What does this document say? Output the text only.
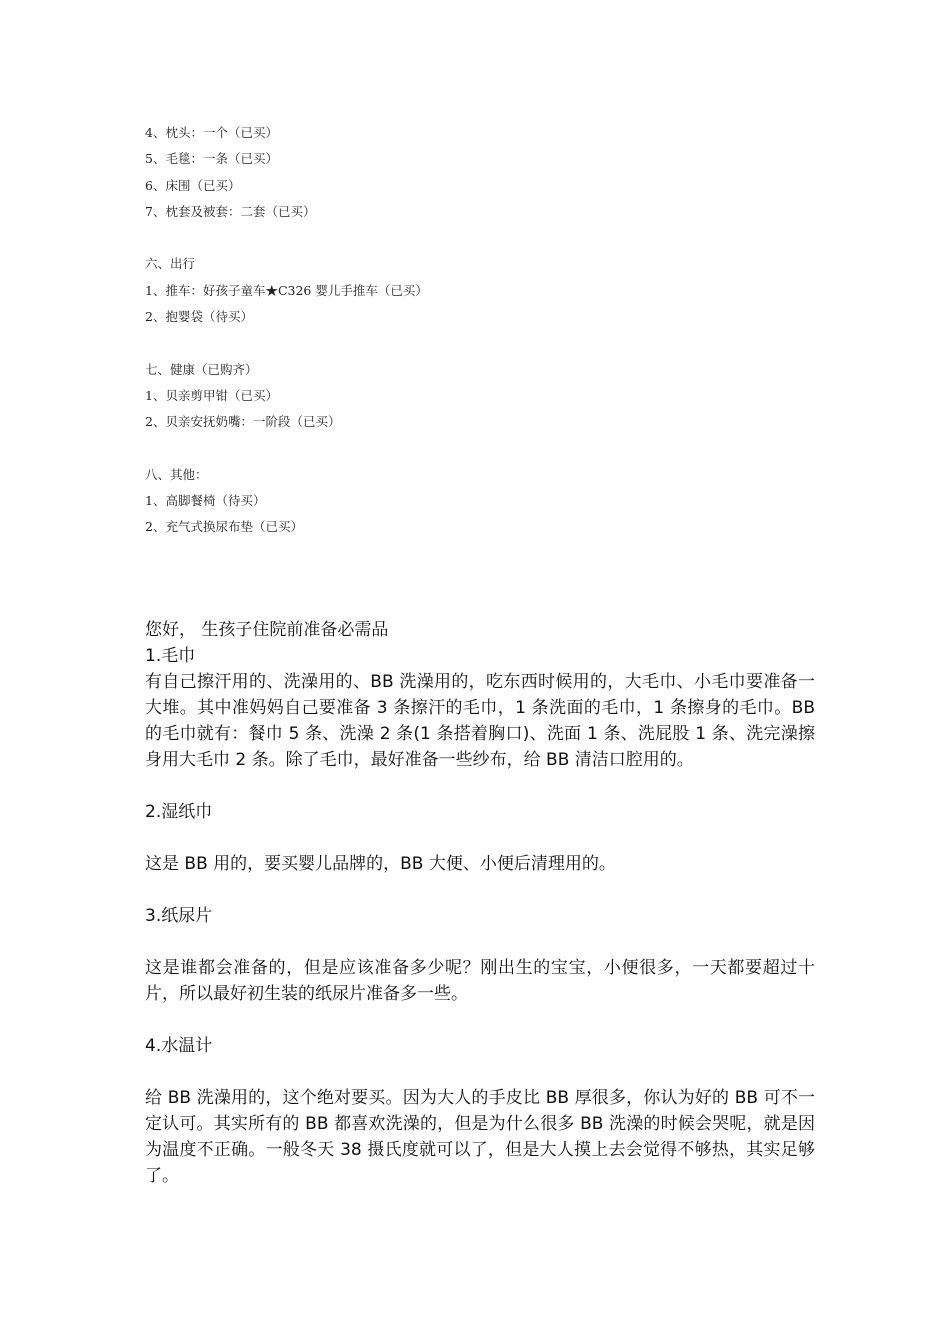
4、枕头：一个（已买）
5、毛毯：一条（已买）
6、床围（已买）
7、枕套及被套：二套（已买）
六、出行
1、推车：好孩子童车★C326 婴儿手推车（已买）
2、抱婴袋（待买）
七、健康（已购齐）
1、贝亲剪甲钳（已买）
2、贝亲安抚奶嘴：一阶段（已买）
八、其他：
1、高脚餐椅（待买）
2、充气式换尿布垫（已买）

您好， 生孩子住院前准备必需品

1.毛巾

有自己擦汗用的、洗澡用的、BB 洗澡用的，吃东西时候用的，大毛巾、小毛巾要准备一大堆。其中准妈妈自己要准备 3 条擦汗的毛巾，1 条洗面的毛巾，1 条擦身的毛巾。BB 的毛巾就有：餐巾 5 条、洗澡 2 条(1 条搭着胸口)、洗面 1 条、洗屁股 1 条、洗完澡擦身用大毛巾 2 条。除了毛巾，最好准备一些纱布，给 BB 清洁口腔用的。

2.湿纸巾

这是 BB 用的，要买婴儿品牌的，BB 大便、小便后清理用的。

3.纸尿片

这是谁都会准备的，但是应该准备多少呢？刚出生的宝宝，小便很多，一天都要超过十片，所以最好初生装的纸尿片准备多一些。

4.水温计

给 BB 洗澡用的，这个绝对要买。因为大人的手皮比 BB 厚很多，你认为好的 BB 可不一定认可。其实所有的 BB 都喜欢洗澡的，但是为什么很多 BB 洗澡的时候会哭呢，就是因为温度不正确。一般冬天 38 摄氏度就可以了，但是大人摸上去会觉得不够热，其实足够了。
